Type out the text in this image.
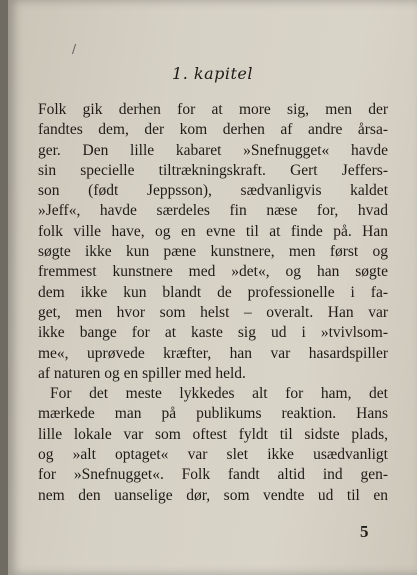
/
1. kapitel
Folk gik derhen for at more sig, men der
fandtes dem, der kom derhen af andre årsa-
ger. Den lille kabaret »Snefnugget« havde
sin specielle tiltrækningskraft. Gert Jeffers-
son (født Jeppsson), sædvanligvis kaldet
»Jeff«, havde særdeles fin næse for, hvad
folk ville have, og en evne til at finde på. Han
søgte ikke kun pæne kunstnere, men først og
fremmest kunstnere med »det«, og han søgte
dem ikke kun blandt de professionelle i fa-
get, men hvor som helst – overalt. Han var
ikke bange for at kaste sig ud i »tvivlsom-
me«, uprøvede kræfter, han var hasardspiller
af naturen og en spiller med held.
For det meste lykkedes alt for ham, det
mærkede man på publikums reaktion. Hans
lille lokale var som oftest fyldt til sidste plads,
og »alt optaget« var slet ikke usædvanligt
for »Snefnugget«. Folk fandt altid ind gen-
nem den uanselige dør, som vendte ud til en
5
